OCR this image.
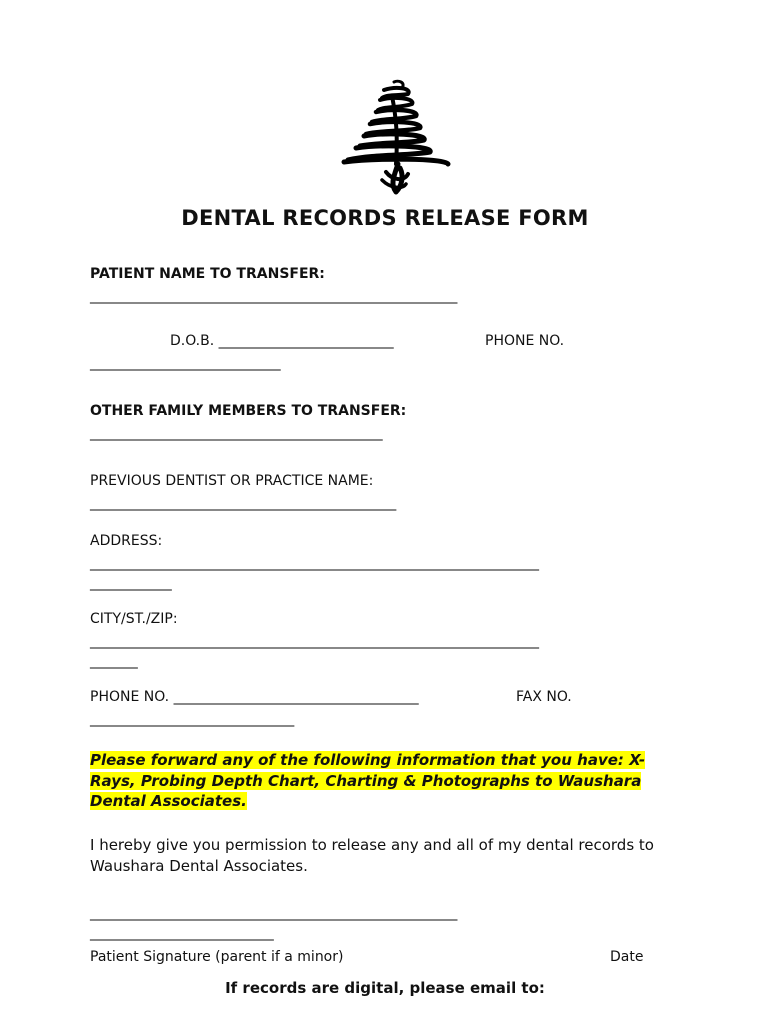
DENTAL RECORDS RELEASE FORM
PATIENT NAME TO TRANSFER:
______________________________________________________
D.O.B. _________________________	PHONE NO.
____________________________
OTHER FAMILY MEMBERS TO TRANSFER:
___________________________________________
PREVIOUS DENTIST OR PRACTICE NAME:
_____________________________________________
ADDRESS:
__________________________________________________________________
____________
CITY/ST./ZIP:
__________________________________________________________________
_______
PHONE NO. ___________________________________	FAX NO.
______________________________
Please forward any of the following information that you have: X-Rays, Probing Depth Chart, Charting & Photographs to Waushara Dental Associates.
I hereby give you permission to release any and all of my dental records to Waushara Dental Associates.
______________________________________________________
___________________________
Patient Signature (parent if a minor)	Date
If records are digital, please email to:
